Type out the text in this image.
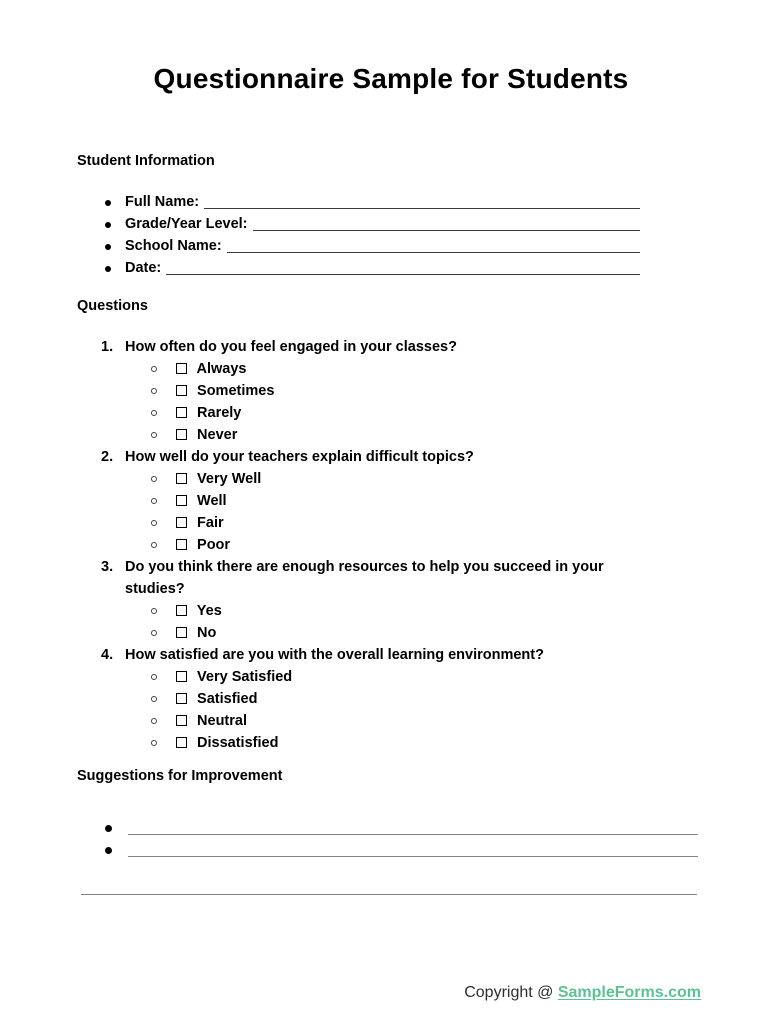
Questionnaire Sample for Students
Student Information
Full Name:
Grade/Year Level:
School Name:
Date:
Questions
1. How often do you feel engaged in your classes?
Always
Sometimes
Rarely
Never
2. How well do your teachers explain difficult topics?
Very Well
Well
Fair
Poor
3. Do you think there are enough resources to help you succeed in your studies?
Yes
No
4. How satisfied are you with the overall learning environment?
Very Satisfied
Satisfied
Neutral
Dissatisfied
Suggestions for Improvement
Copyright @ SampleForms.com
